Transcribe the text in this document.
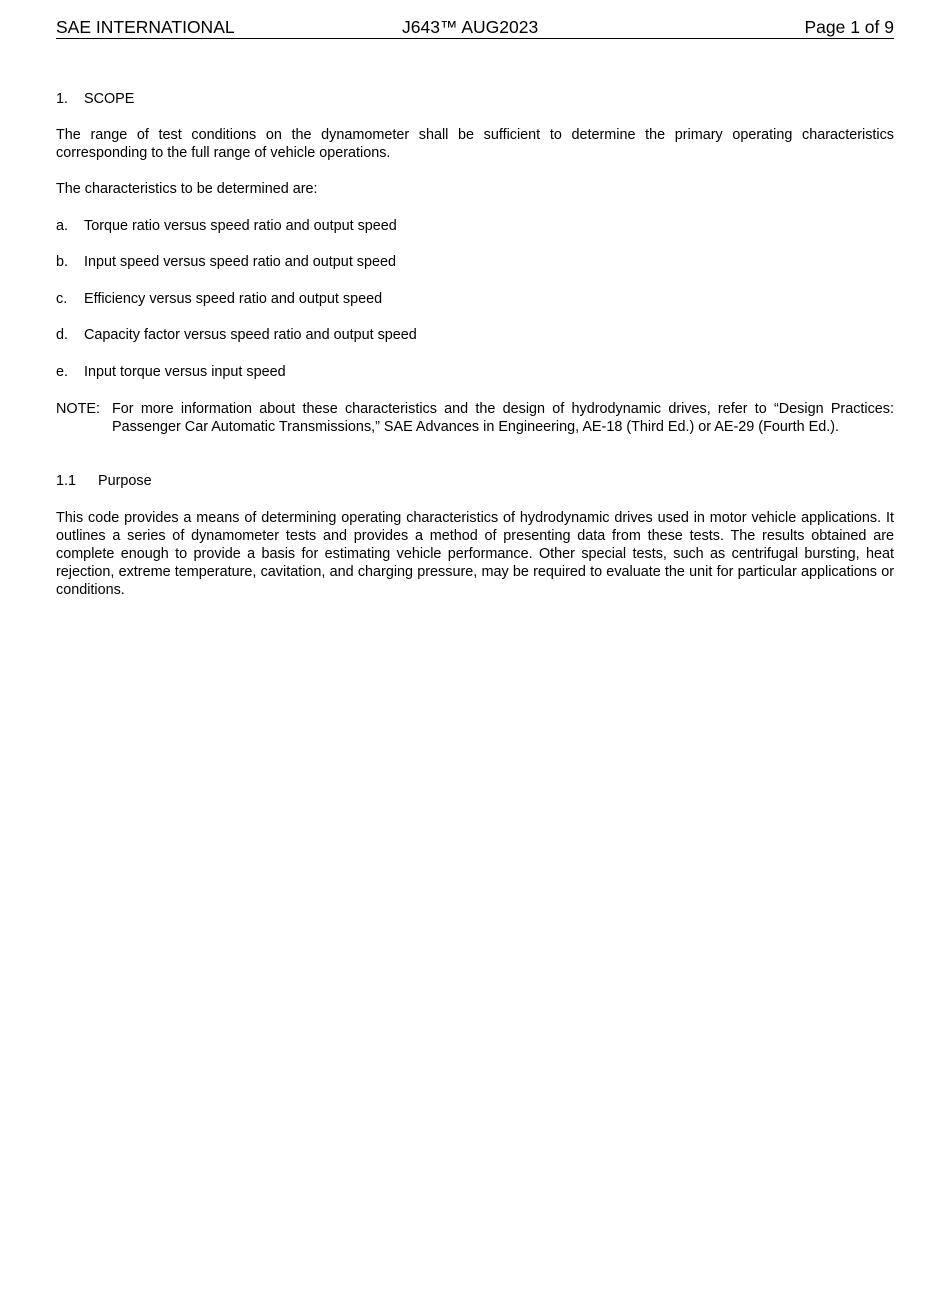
SAE INTERNATIONAL	J643™ AUG2023	Page 1 of 9
1. SCOPE

The range of test conditions on the dynamometer shall be sufficient to determine the primary operating characteristics corresponding to the full range of vehicle operations.

The characteristics to be determined are:

a. Torque ratio versus speed ratio and output speed

b. Input speed versus speed ratio and output speed

c. Efficiency versus speed ratio and output speed

d. Capacity factor versus speed ratio and output speed

e. Input torque versus input speed

NOTE: For more information about these characteristics and the design of hydrodynamic drives, refer to “Design Practices: Passenger Car Automatic Transmissions,” SAE Advances in Engineering, AE-18 (Third Ed.) or AE-29 (Fourth Ed.).

1.1 Purpose

This code provides a means of determining operating characteristics of hydrodynamic drives used in motor vehicle applications. It outlines a series of dynamometer tests and provides a method of presenting data from these tests. The results obtained are complete enough to provide a basis for estimating vehicle performance. Other special tests, such as centrifugal bursting, heat rejection, extreme temperature, cavitation, and charging pressure, may be required to evaluate the unit for particular applications or conditions.
